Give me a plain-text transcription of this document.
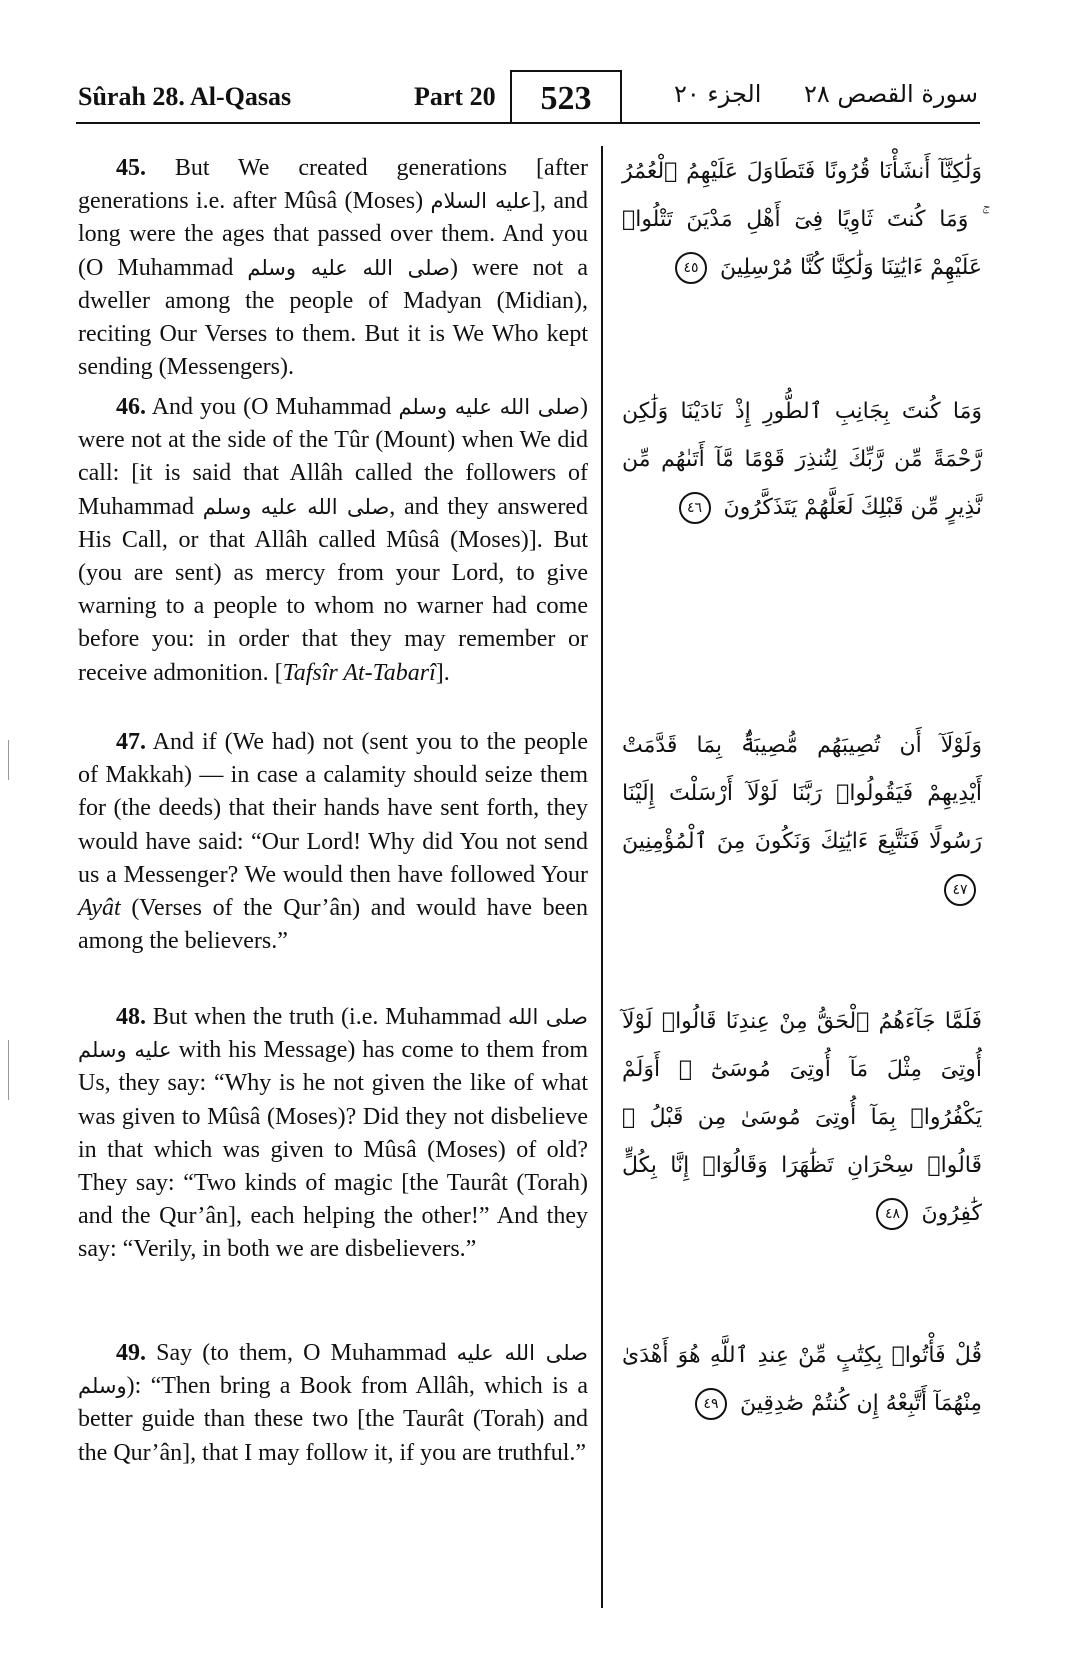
Sûrah 28. Al-Qasas	Part 20	523	الجزء ٢٠ سورة القصص ٢٨

45. But We created generations [after generations i.e. after Mûsâ (Moses) عليه السلام], and long were the ages that passed over them. And you (O Muhammad صلى الله عليه وسلم) were not a dweller among the people of Madyan (Midian), reciting Our Verses to them. But it is We Who kept sending (Messengers).

وَلَٰكِنَّآ أَنشَأْنَا قُرُونًا فَتَطَاوَلَ عَلَيْهِمُ ٱلْعُمُرُ ۚ وَمَا كُنتَ ثَاوِيًا فِىٓ أَهْلِ مَدْيَنَ تَتْلُوا۟ عَلَيْهِمْ ءَايَٰتِنَا وَلَٰكِنَّا كُنَّا مُرْسِلِينَ ٤٥

46. And you (O Muhammad صلى الله عليه وسلم) were not at the side of the Tûr (Mount) when We did call: [it is said that Allâh called the followers of Muhammad صلى الله عليه وسلم, and they answered His Call, or that Allâh called Mûsâ (Moses)]. But (you are sent) as mercy from your Lord, to give warning to a people to whom no warner had come before you: in order that they may remember or receive admonition. [Tafsîr At-Tabarî].

وَمَا كُنتَ بِجَانِبِ ٱلطُّورِ إِذْ نَادَيْنَا وَلَٰكِن رَّحْمَةً مِّن رَّبِّكَ لِتُنذِرَ قَوْمًا مَّآ أَتَىٰهُم مِّن نَّذِيرٍ مِّن قَبْلِكَ لَعَلَّهُمْ يَتَذَكَّرُونَ ٤٦

47. And if (We had) not (sent you to the people of Makkah) — in case a calamity should seize them for (the deeds) that their hands have sent forth, they would have said: “Our Lord! Why did You not send us a Messenger? We would then have followed Your Ayât (Verses of the Qur’ân) and would have been among the believers.”

وَلَوْلَآ أَن تُصِيبَهُم مُّصِيبَةٌۢ بِمَا قَدَّمَتْ أَيْدِيهِمْ فَيَقُولُوا۟ رَبَّنَا لَوْلَآ أَرْسَلْتَ إِلَيْنَا رَسُولًا فَنَتَّبِعَ ءَايَٰتِكَ وَنَكُونَ مِنَ ٱلْمُؤْمِنِينَ ٤٧

48. But when the truth (i.e. Muhammad صلى الله عليه وسلم with his Message) has come to them from Us, they say: “Why is he not given the like of what was given to Mûsâ (Moses)? Did they not disbelieve in that which was given to Mûsâ (Moses) of old? They say: “Two kinds of magic [the Taurât (Torah) and the Qur’ân], each helping the other!” And they say: “Verily, in both we are disbelievers.”

فَلَمَّا جَآءَهُمُ ٱلْحَقُّ مِنْ عِندِنَا قَالُوا۟ لَوْلَآ أُوتِىَ مِثْلَ مَآ أُوتِىَ مُوسَىٰٓ ۚ أَوَلَمْ يَكْفُرُوا۟ بِمَآ أُوتِىَ مُوسَىٰ مِن قَبْلُ ۖ قَالُوا۟ سِحْرَانِ تَظَٰهَرَا وَقَالُوٓا۟ إِنَّا بِكُلٍّ كَٰفِرُونَ ٤٨

49. Say (to them, O Muhammad صلى الله عليه وسلم): “Then bring a Book from Allâh, which is a better guide than these two [the Taurât (Torah) and the Qur’ân], that I may follow it, if you are truthful.”

قُلْ فَأْتُوا۟ بِكِتَٰبٍ مِّنْ عِندِ ٱللَّهِ هُوَ أَهْدَىٰ مِنْهُمَآ أَتَّبِعْهُ إِن كُنتُمْ صَٰدِقِينَ ٤٩
